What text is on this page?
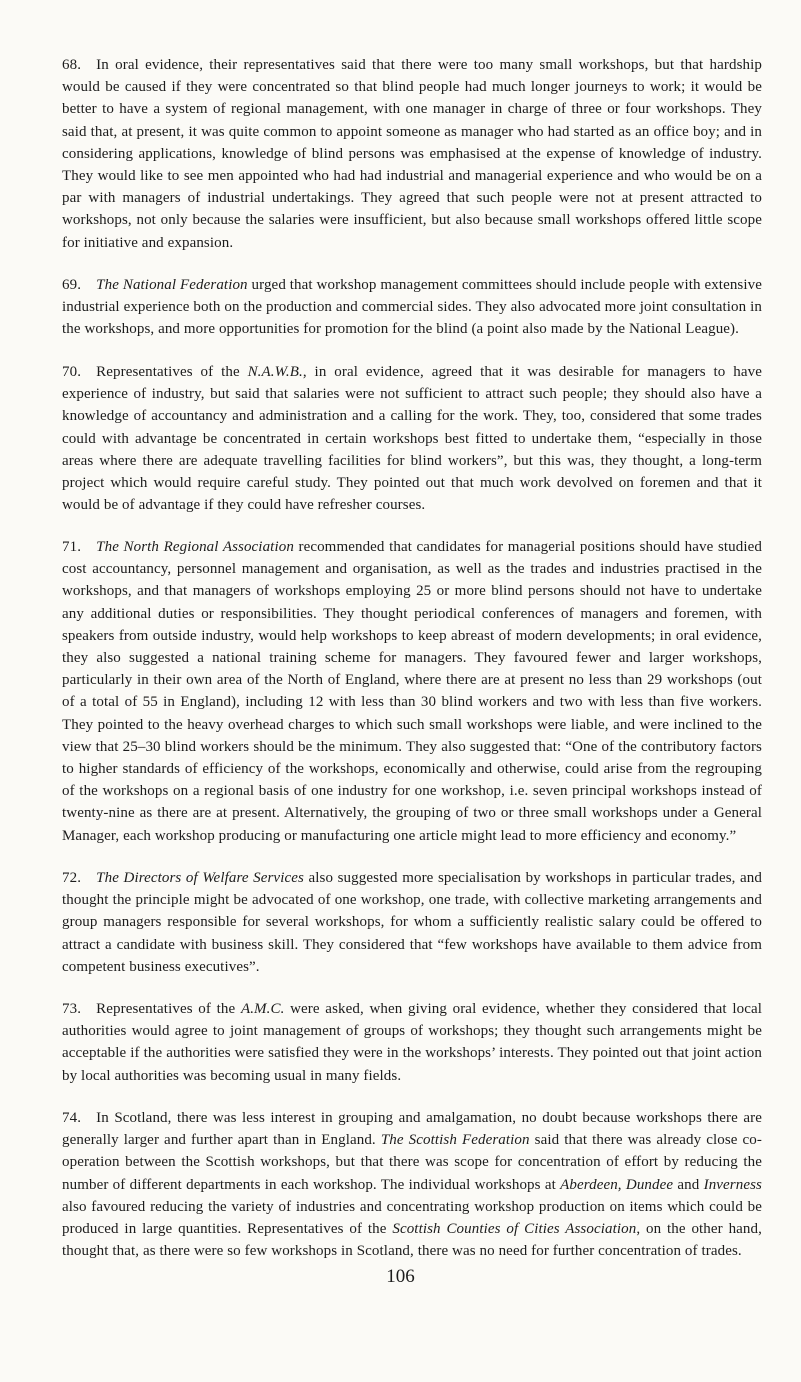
68.  In oral evidence, their representatives said that there were too many small workshops, but that hardship would be caused if they were concentrated so that blind people had much longer journeys to work; it would be better to have a system of regional management, with one manager in charge of three or four workshops. They said that, at present, it was quite common to appoint someone as manager who had started as an office boy; and in considering applications, knowledge of blind persons was emphasised at the expense of knowledge of industry. They would like to see men appointed who had had industrial and managerial experience and who would be on a par with managers of industrial undertakings. They agreed that such people were not at present attracted to workshops, not only because the salaries were insufficient, but also because small workshops offered little scope for initiative and expansion.

69.  The National Federation urged that workshop management committees should include people with extensive industrial experience both on the production and commercial sides. They also advocated more joint consultation in the workshops, and more opportunities for promotion for the blind (a point also made by the National League).

70.  Representatives of the N.A.W.B., in oral evidence, agreed that it was desirable for managers to have experience of industry, but said that salaries were not sufficient to attract such people; they should also have a knowledge of accountancy and administration and a calling for the work. They, too, considered that some trades could with advantage be concentrated in certain workshops best fitted to undertake them, “especially in those areas where there are adequate travelling facilities for blind workers”, but this was, they thought, a long-term project which would require careful study. They pointed out that much work devolved on foremen and that it would be of advantage if they could have refresher courses.

71.  The North Regional Association recommended that candidates for managerial positions should have studied cost accountancy, personnel management and organisation, as well as the trades and industries practised in the workshops, and that managers of workshops employing 25 or more blind persons should not have to undertake any additional duties or responsibilities. They thought periodical conferences of managers and foremen, with speakers from outside industry, would help workshops to keep abreast of modern developments; in oral evidence, they also suggested a national training scheme for managers. They favoured fewer and larger workshops, particularly in their own area of the North of England, where there are at present no less than 29 workshops (out of a total of 55 in England), including 12 with less than 30 blind workers and two with less than five workers. They pointed to the heavy overhead charges to which such small workshops were liable, and were inclined to the view that 25–30 blind workers should be the minimum. They also suggested that: “One of the contributory factors to higher standards of efficiency of the workshops, economically and otherwise, could arise from the regrouping of the workshops on a regional basis of one industry for one workshop, i.e. seven principal workshops instead of twenty-nine as there are at present. Alternatively, the grouping of two or three small workshops under a General Manager, each workshop producing or manufacturing one article might lead to more efficiency and economy.”

72.  The Directors of Welfare Services also suggested more specialisation by workshops in particular trades, and thought the principle might be advocated of one workshop, one trade, with collective marketing arrangements and group managers responsible for several workshops, for whom a sufficiently realistic salary could be offered to attract a candidate with business skill. They considered that “few workshops have available to them advice from competent business executives”.

73.  Representatives of the A.M.C. were asked, when giving oral evidence, whether they considered that local authorities would agree to joint management of groups of workshops; they thought such arrangements might be acceptable if the authorities were satisfied they were in the workshops’ interests. They pointed out that joint action by local authorities was becoming usual in many fields.

74.  In Scotland, there was less interest in grouping and amalgamation, no doubt because workshops there are generally larger and further apart than in England. The Scottish Federation said that there was already close co-operation between the Scottish workshops, but that there was scope for concentration of effort by reducing the number of different departments in each workshop. The individual workshops at Aberdeen, Dundee and Inverness also favoured reducing the variety of industries and concentrating workshop production on items which could be produced in large quantities. Representatives of the Scottish Counties of Cities Association, on the other hand, thought that, as there were so few workshops in Scotland, there was no need for further concentration of trades.

106
